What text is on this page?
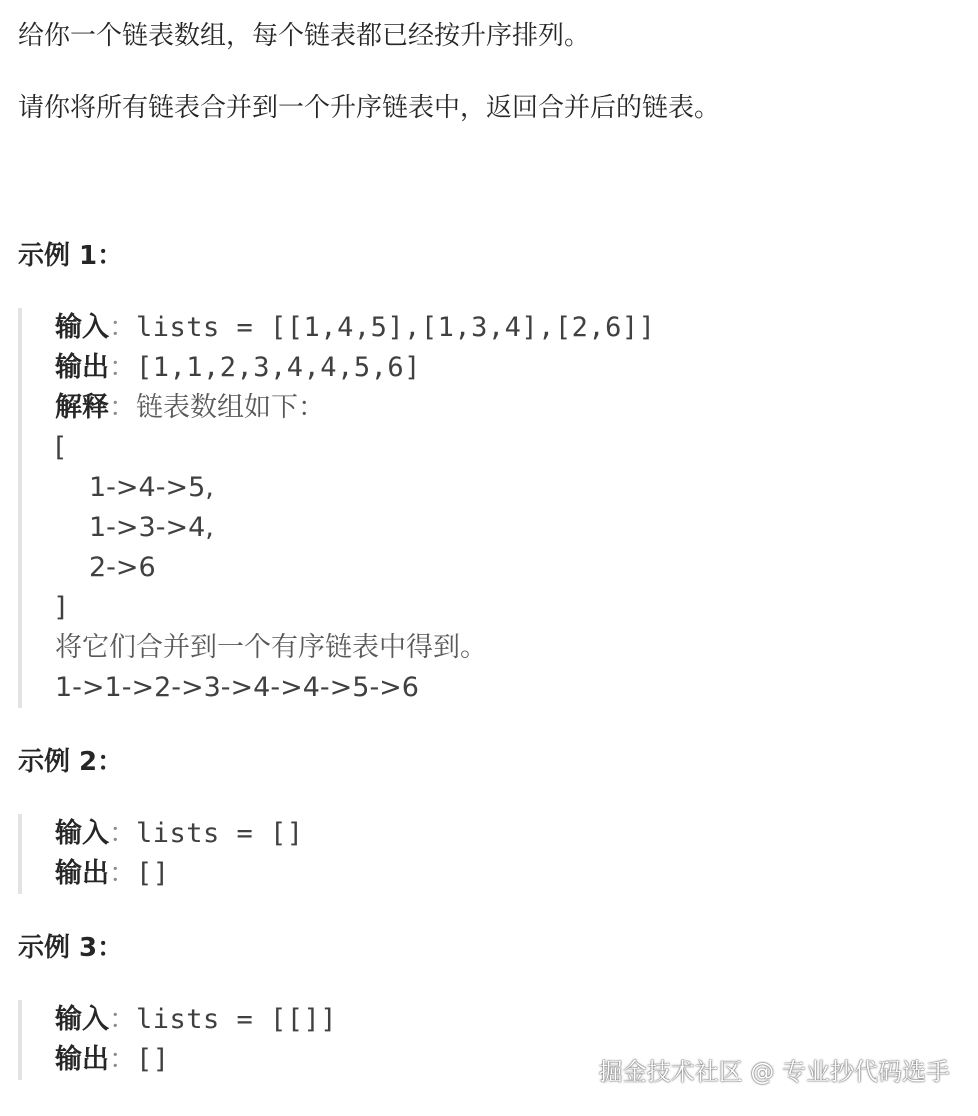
给你一个链表数组，每个链表都已经按升序排列。

请你将所有链表合并到一个升序链表中，返回合并后的链表。

示例 1：
输入：lists = [[1,4,5],[1,3,4],[2,6]]
输出：[1,1,2,3,4,4,5,6]
解释：链表数组如下：
[
1->4->5,
1->3->4,
2->6
]
将它们合并到一个有序链表中得到。
1->1->2->3->4->4->5->6
示例 2：
输入：lists = []
输出：[]
示例 3：
输入：lists = [[]]
输出：[]	掘金技术社区 @ 专业抄代码选手
